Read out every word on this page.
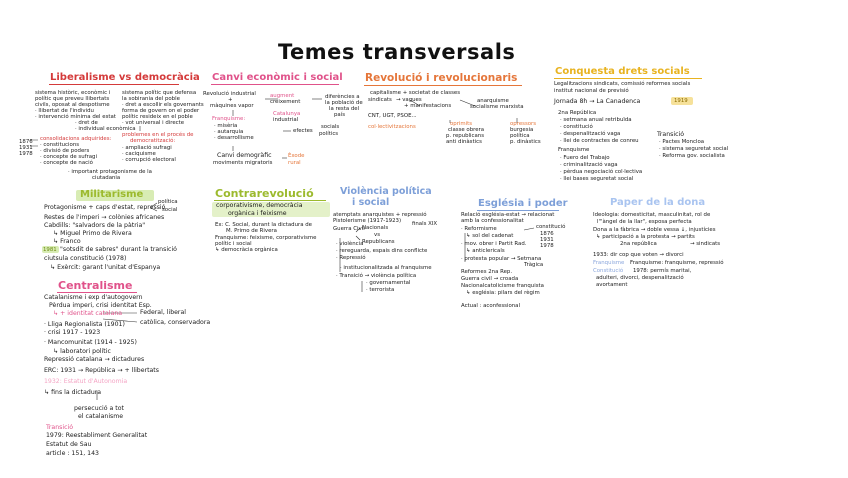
Temes transversals
Liberalisme vs democràcia
sistema històric, econòmic i
polític que preveu llibertats
civils, oposat al despotisme
· llibertat de l'individu
· intervenció mínima del estat
· dret de
· individual econòmica
sistema polític que defensa
la sobirania del poble
· dret a escollir els governants
forma de govern on el poder
polític resideix en el poble
· vot universal i directe
consolidacions adquirides:
1876
1931
1978
· constitucions
· divisió de poders
· concepte de sufragi
· concepte de nació
problemes en el procés de
democratització:
· ampliació sufragi
· caciquisme
· corrupció electoral
· important protagonisme de la
ciutadania
Canvi econòmic i social
Revolució industrial
+
màquines vapor
augment
creixement
industrial
Catalunya
diferències a
la població de
la resta del
país
efectes
socials
polítics
Franquisme:
· misèria
· autarquia
· desarrollisme
Canvi demogràfic
moviments migratoris
Èxode
rural
Revolució i revolucionaris
capitalisme + societat de classes
sindicats → vagues
+ manifestacions
anarquisme
socialisme marxista
CNT, UGT, PSOE...
col·lectivitzacions	oprimits
classe obrera
p. republicans
anti dinàstics
opressors
burgesia
política
p. dinàstics
Conquesta drets socials
Legalitzacions sindicats, comissió reformes socials
institut nacional de previsió
Jornada 8h → La Canadenca	1919
2na República
· setmana anual retribuïda
· constitució
· despenalització vaga
· llei de contractes de conreu
Franquisme
· Fuero del Trabajo
· criminalització vaga
· pèrdua negociació col·lectiva
· llei bases seguretat social
Transició
· Pactes Moncloa
· sistema seguretat social
· Reforma gov. socialista
Militarisme
Protagonisme + caps d'estat, repressió
política
social
Restes de l'imperi → colònies africanes
Cabdills: "salvadors de la pàtria"
↳ Miguel Primo de Rivera
↳ Franco
1981 "sotsdit de sabres" durant la transició
ciutsula constitució (1978)
↳ Exèrcit: garant l'unitat d'Espanya
Contrarevolució
corporativisme, democràcia
orgànica i feixisme
Ex: C. Social, durant la dictadura de
M. Primo de Rivera
Franquisme: feixisme, corporativisme
polític i social
↳ democràcia orgànica
Violència política
i social
atemptats anarquistes + repressió
finals XIX
Pistolerisme (1917-1923)
Guerra Civil
Nacionals
vs
Republicans
· violència
· rereguarda, espais dins conflicte
· Repressió
· institucionalitzada al franquisme
· Transició → violència política
· governamental
· terrorista
Església i poder
Relació església-estat → relacionat
amb la confessionalitat
· Reformisme	constitució
1876
1931
1978
↳ sol del cadenat
· mov. obrer i Partit Rad.
↳ anticlericals
· protesta popular → Setmana
Tràgica
Reformes 2na Rep.
Guerra civil → croada
Nacionalcatolicisme franquista
↳ església: pilars del règim
Actual : aconfessional
Paper de la dona
Ideologia: domesticitat, masculinitat, rol de
l'"àngel de la llar", esposa perfecta
Dona a la fàbrica → doble vessa ↓, injustícies
↳ participació a la protesta → partits
2na república	→ sindicats
1933: dir cop que voten → divorci
Franquisme Franquisme: franquisme, repressió
Constitució 1978: permís maritai,
adulteri, divorci, despenalització
avortament
Centralisme
Catalanisme i exp d'autogovern
Pèrdua imperi, crisi identitat Esp.
↳ + identitat catalana	Federal, liberal
catòlica, conservadora
· Lliga Regionalista (1901)
· crisi 1917 - 1923
· Mancomunitat (1914 - 1925)
↳ laboratori polític
Repressió catalana → dictadures
ERC: 1931 → República → + llibertats
1932: Estatut d'Autonomia
↳ fins la dictadura
persecució a tot
el catalanisme
Transició
1979: Reestabliment Generalitat
Estatut de Sau
article : 151, 143
